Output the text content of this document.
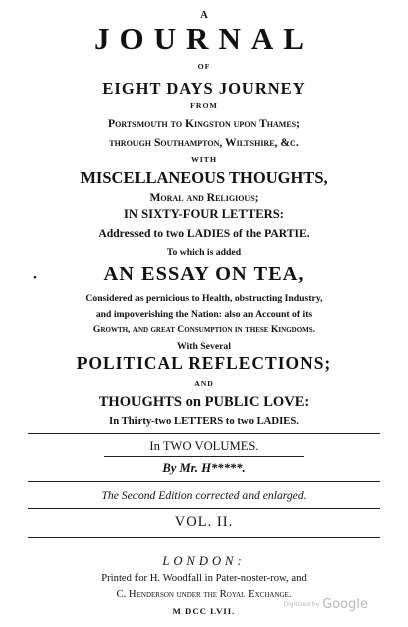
A
JOURNAL
OF
EIGHT DAYS JOURNEY
FROM
Portsmouth to Kingston upon Thames;
through Southampton, Wiltshire, &c.
WITH
MISCELLANEOUS THOUGHTS,
Moral and Religious;
IN SIXTY-FOUR LETTERS:
Addressed to two LADIES of the PARTIE.
To which is added
•	AN ESSAY ON TEA,
Considered as pernicious to Health, obstructing Industry,
and impoverishing the Nation: also an Account of its
Growth, and great Consumption in these Kingdoms.
With Several
POLITICAL REFLECTIONS;
AND
THOUGHTS on PUBLIC LOVE:
In Thirty-two LETTERS to two LADIES.
In TWO VOLUMES.
By Mr. H*****.
The Second Edition corrected and enlarged.
VOL. II.
LONDON:
Printed for H. Woodfall in Pater-noster-row, and
C. Henderson under the Royal Exchange.
M DCC LVII.
Digitized by Google
